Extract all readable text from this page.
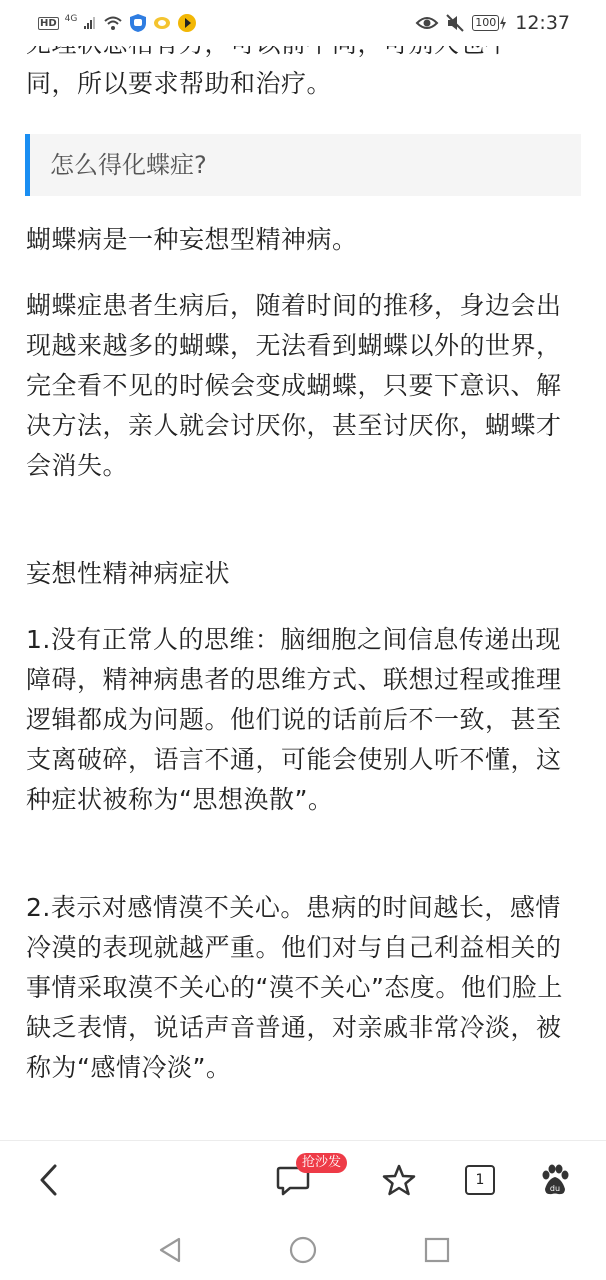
HD 4G	100 12:37

同，所以要求帮助和治疗。

怎么得化蝶症?

蝴蝶病是一种妄想型精神病。

蝴蝶症患者生病后，随着时间的推移，身边会出现越来越多的蝴蝶，无法看到蝴蝶以外的世界，完全看不见的时候会变成蝴蝶，只要下意识、解决方法，亲人就会讨厌你，甚至讨厌你，蝴蝶才会消失。

妄想性精神病症状

1.没有正常人的思维：脑细胞之间信息传递出现障碍，精神病患者的思维方式、联想过程或推理逻辑都成为问题。他们说的话前后不一致，甚至支离破碎，语言不通，可能会使别人听不懂，这种症状被称为“思想涣散”。

2.表示对感情漠不关心。患病的时间越长，感情冷漠的表现就越严重。他们对与自己利益相关的事情采取漠不关心的“漠不关心”态度。他们脸上缺乏表情，说话声音普通，对亲戚非常冷淡，被称为“感情冷淡”。

抢沙发
1
du
